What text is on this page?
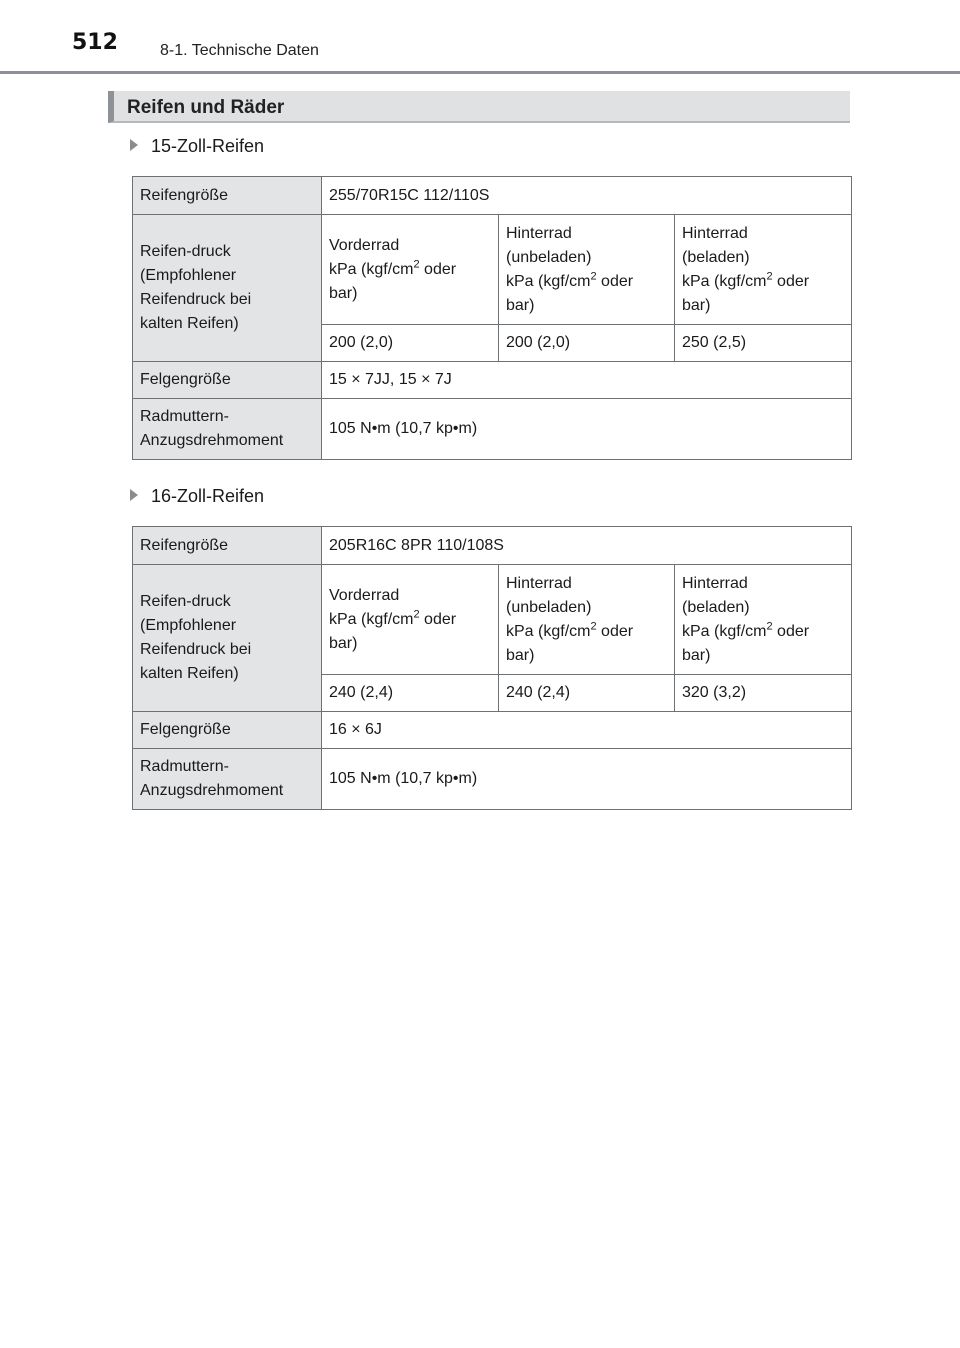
512	8-1. Technische Daten
Reifen und Räder
15-Zoll-Reifen
Reifengröße	255/70R15C 112/110S		
Reifen-druck
(Empfohlener
Reifendruck bei
kalten Reifen)	Vorderrad
kPa ($kgf/cm^2$ oder
bar)	Hinterrad
(unbeladen)
kPa ($kgf/cm^2$ oder
bar)	Hinterrad
(beladen)
kPa ($kgf/cm^2$ oder
bar)
	200 (2,0)	200 (2,0)	250 (2,5)
Felgengröße	15 × 7JJ, 15 × 7J		
Radmuttern-
Anzugsdrehmoment	105 N•m (10,7 kp•m)		
16-Zoll-Reifen
Reifengröße	205R16C 8PR 110/108S		
Reifen-druck
(Empfohlener
Reifendruck bei
kalten Reifen)	Vorderrad
kPa ($kgf/cm^2$ oder
bar)	Hinterrad
(unbeladen)
kPa ($kgf/cm^2$ oder
bar)	Hinterrad
(beladen)
kPa ($kgf/cm^2$ oder
bar)
	240 (2,4)	240 (2,4)	320 (3,2)
Felgengröße	16 × 6J		
Radmuttern-
Anzugsdrehmoment	105 N•m (10,7 kp•m)		
